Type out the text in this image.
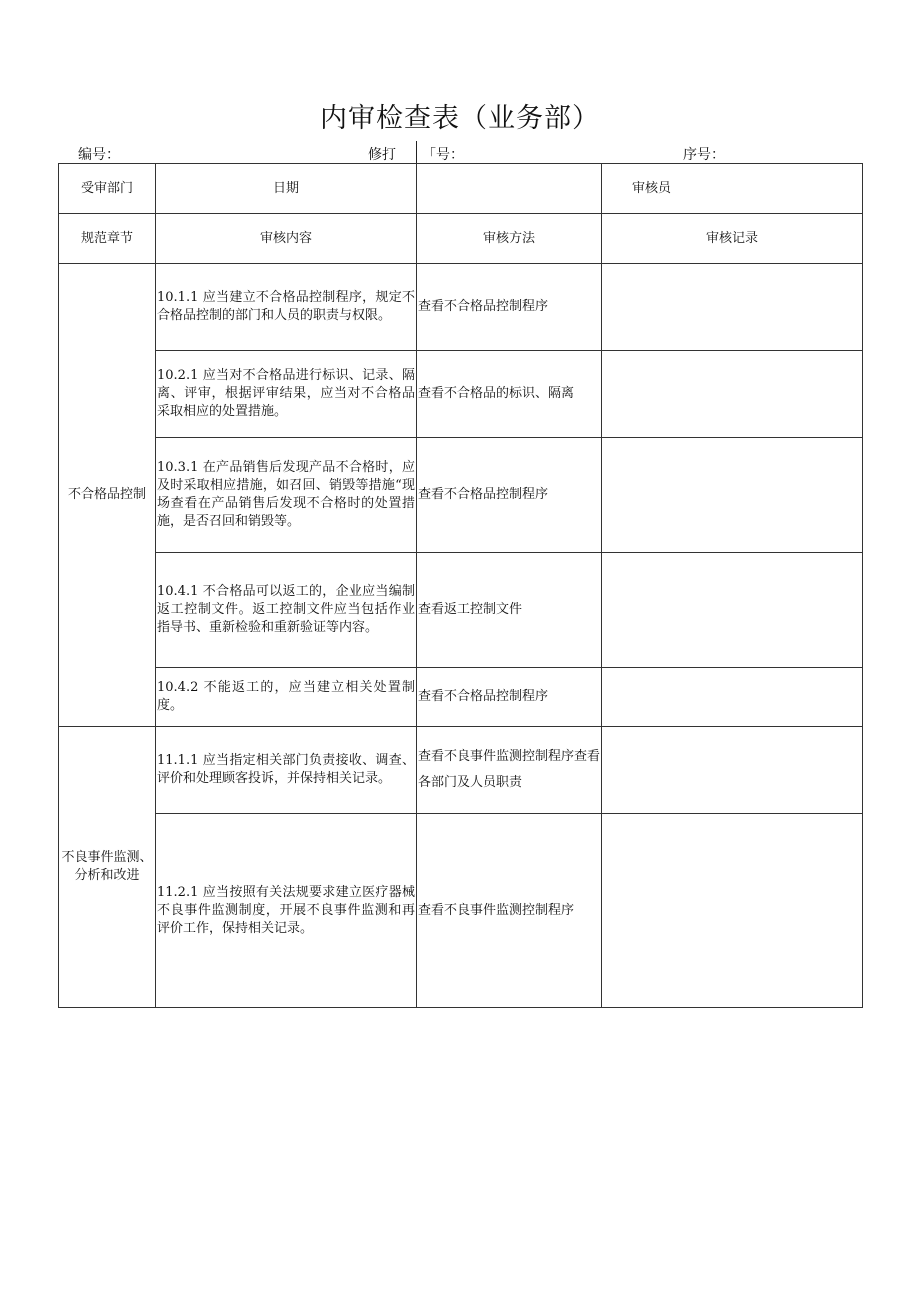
内审检查表（业务部）
编号：	修打 「号：	序号：
受审部门	日期		审核员
规范章节	审核内容	审核方法	审核记录
不合格品控制	10.1.1 应当建立不合格品控制程序，规定不合格品控制的部门和人员的职责与权限。	查看不合格品控制程序	
	10.2.1 应当对不合格品进行标识、记录、隔离、评审，根据评审结果，应当对不合格品采取相应的处置措施。	查看不合格品的标识、隔离	
	10.3.1 在产品销售后发现产品不合格时，应及时采取相应措施，如召回、销毁等措施“现场查看在产品销售后发现不合格时的处置措施，是否召回和销毁等。	查看不合格品控制程序	
	10.4.1 不合格品可以返工的，企业应当编制返工控制文件。返工控制文件应当包括作业指导书、重新检验和重新验证等内容。	查看返工控制文件	
	10.4.2 不能返工的，应当建立相关处置制度。	查看不合格品控制程序	
不良事件监测、分析和改进	11.1.1 应当指定相关部门负责接收、调查、评价和处理顾客投诉，并保持相关记录。	查看不良事件监测控制程序查看各部门及人员职责	
	11.2.1 应当按照有关法规要求建立医疗器械不良事件监测制度，开展不良事件监测和再评价工作，保持相关记录。	查看不良事件监测控制程序	
